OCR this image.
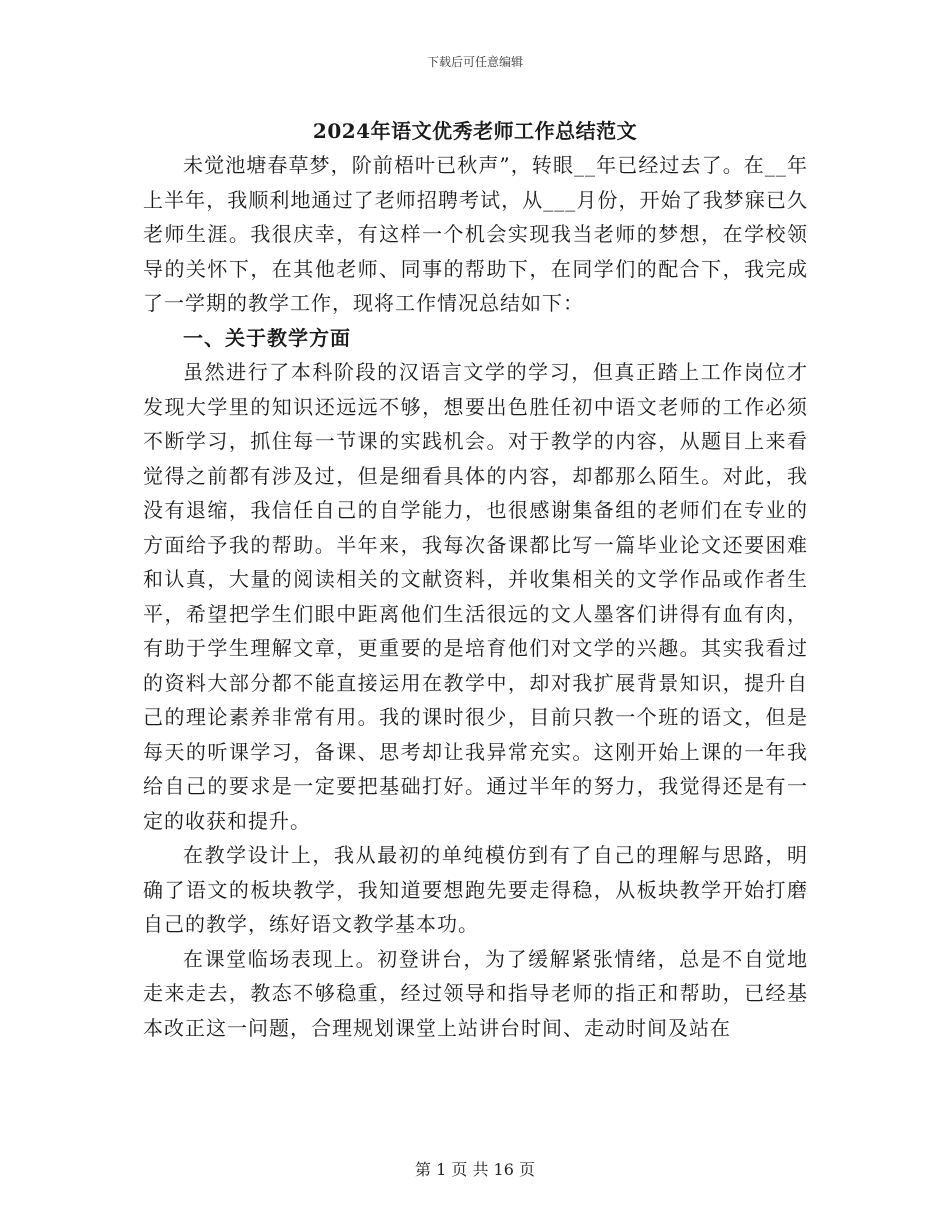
下载后可任意编辑
2024年语文优秀老师工作总结范文

未觉池塘春草梦，阶前梧叶已秋声”，转眼__年已经过去了。在__年上半年，我顺利地通过了老师招聘考试，从___月份，开始了我梦寐已久老师生涯。我很庆幸，有这样一个机会实现我当老师的梦想，在学校领导的关怀下，在其他老师、同事的帮助下，在同学们的配合下，我完成了一学期的教学工作，现将工作情况总结如下：

一、关于教学方面

虽然进行了本科阶段的汉语言文学的学习，但真正踏上工作岗位才发现大学里的知识还远远不够，想要出色胜任初中语文老师的工作必须不断学习，抓住每一节课的实践机会。对于教学的内容，从题目上来看觉得之前都有涉及过，但是细看具体的内容，却都那么陌生。对此，我没有退缩，我信任自己的自学能力，也很感谢集备组的老师们在专业的方面给予我的帮助。半年来，我每次备课都比写一篇毕业论文还要困难和认真，大量的阅读相关的文献资料，并收集相关的文学作品或作者生平，希望把学生们眼中距离他们生活很远的文人墨客们讲得有血有肉，有助于学生理解文章，更重要的是培育他们对文学的兴趣。其实我看过的资料大部分都不能直接运用在教学中，却对我扩展背景知识，提升自己的理论素养非常有用。我的课时很少，目前只教一个班的语文，但是每天的听课学习，备课、思考却让我异常充实。这刚开始上课的一年我给自己的要求是一定要把基础打好。通过半年的努力，我觉得还是有一定的收获和提升。

在教学设计上，我从最初的单纯模仿到有了自己的理解与思路，明确了语文的板块教学，我知道要想跑先要走得稳，从板块教学开始打磨自己的教学，练好语文教学基本功。

在课堂临场表现上。初登讲台，为了缓解紧张情绪，总是不自觉地走来走去，教态不够稳重，经过领导和指导老师的指正和帮助，已经基本改正这一问题，合理规划课堂上站讲台时间、走动时间及站在

第 1 页 共 16 页
